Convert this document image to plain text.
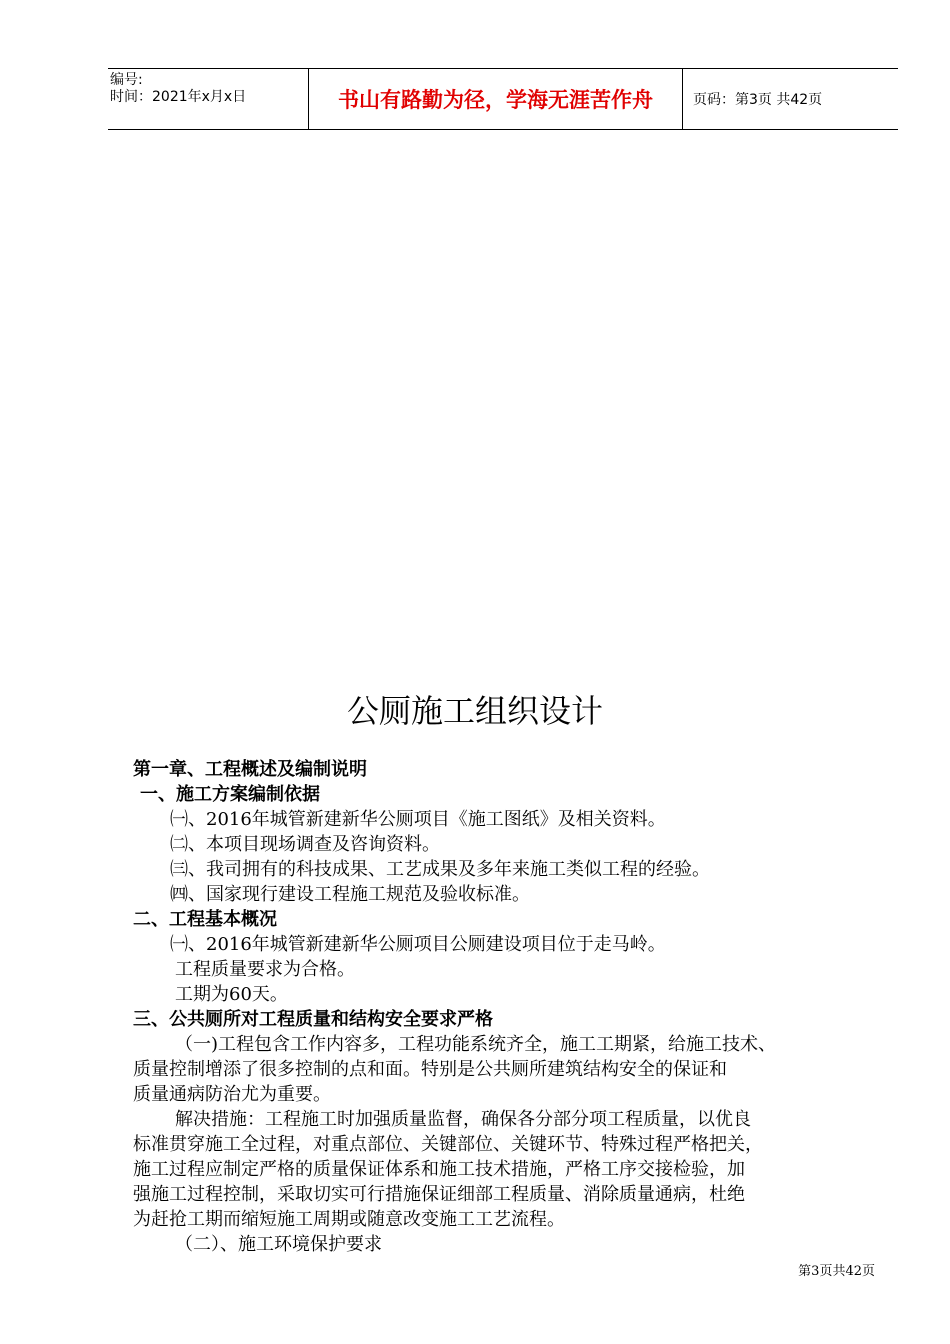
编号:
时间：2021年x月x日	书山有路勤为径，学海无涯苦作舟	页码：第3页 共42页
公厕施工组织设计
第一章、工程概述及编制说明
一、施工方案编制依据
㈠、2016年城管新建新华公厕项目《施工图纸》及相关资料。
㈡、本项目现场调查及咨询资料。
㈢、我司拥有的科技成果、工艺成果及多年来施工类似工程的经验。
㈣、国家现行建设工程施工规范及验收标准。
二、工程基本概况
㈠、2016年城管新建新华公厕项目公厕建设项目位于走马岭。
工程质量要求为合格。
工期为60天。
三、公共厕所对工程质量和结构安全要求严格
（一)工程包含工作内容多，工程功能系统齐全，施工工期紧，给施工技术、
质量控制增添了很多控制的点和面。特别是公共厕所建筑结构安全的保证和
质量通病防治尤为重要。
解决措施：工程施工时加强质量监督，确保各分部分项工程质量，以优良
标准贯穿施工全过程，对重点部位、关键部位、关键环节、特殊过程严格把关，
施工过程应制定严格的质量保证体系和施工技术措施，严格工序交接检验，加
强施工过程控制，采取切实可行措施保证细部工程质量、消除质量通病，杜绝
为赶抢工期而缩短施工周期或随意改变施工工艺流程。
（二）、施工环境保护要求
第3页共42页
